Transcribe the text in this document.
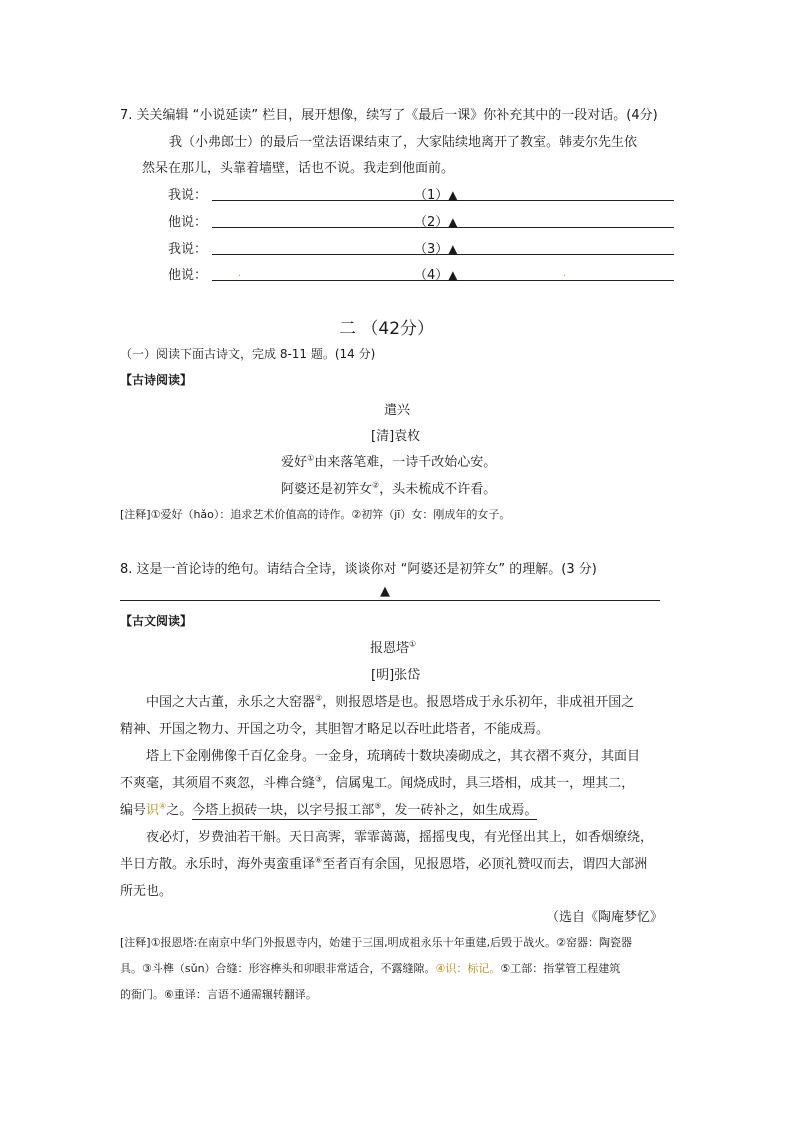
7. 关关编辑 “小说延读” 栏目，展开想像，续写了《最后一课》你补充其中的一段对话。(4分)
我（小弗郎士）的最后一堂法语课结束了，大家陆续地离开了教室。韩麦尔先生依
然呆在那儿，头靠着墙壁，话也不说。我走到他面前。
我说：	（1）▲
他说：	（2）▲
我说：	（3）▲
他说：	（4）▲
.	.
二 （42分）
（一）阅读下面古诗文，完成 8-11 题。(14 分)
【古诗阅读】
遣兴
[清]袁枚
爱好①由来落笔难，一诗千改始心安。
阿婆还是初笄女②，头未梳成不许看。
[注释]①爱好（hǎo）：追求艺术价值高的诗作。②初笄（jī）女：刚成年的女子。
8. 这是一首论诗的绝句。请结合全诗，谈谈你对 “阿婆还是初笄女” 的理解。(3 分)
▲
【古文阅读】
报恩塔①
[明]张岱
中国之大古董，永乐之大窑器②，则报恩塔是也。报恩塔成于永乐初年，非成祖开国之
精神、开国之物力、开国之功令，其胆智才略足以吞吐此塔者，不能成焉。
塔上下金刚佛像千百亿金身。一金身，琉璃砖十数块凑砌成之，其衣褶不爽分，其面目
不爽毫，其须眉不爽忽，斗榫合缝③，信属鬼工。闻烧成时，具三塔相，成其一，埋其二，
编号识④之。今塔上损砖一块，以字号报工部⑤，发一砖补之，如生成焉。
夜必灯，岁费油若干斛。天日高霁，霏霏蔼蔼，摇摇曳曳，有光怪出其上，如香烟缭绕，
半日方散。永乐时，海外夷蛮重译⑥至者百有余国，见报恩塔，必顶礼赞叹而去，谓四大部洲
所无也。
（选自《陶庵梦忆》
[注释]①报恩塔:在南京中华门外报恩寺内，始建于三国,明成祖永乐十年重建,后毁于战火。②窑器：陶瓷器
具。③斗榫（sǔn）合缝：形容榫头和卯眼非常适合，不露缝隙。④识：标记。⑤工部：指掌管工程建筑
的衙门。⑥重译：言语不通需辗转翻译。
